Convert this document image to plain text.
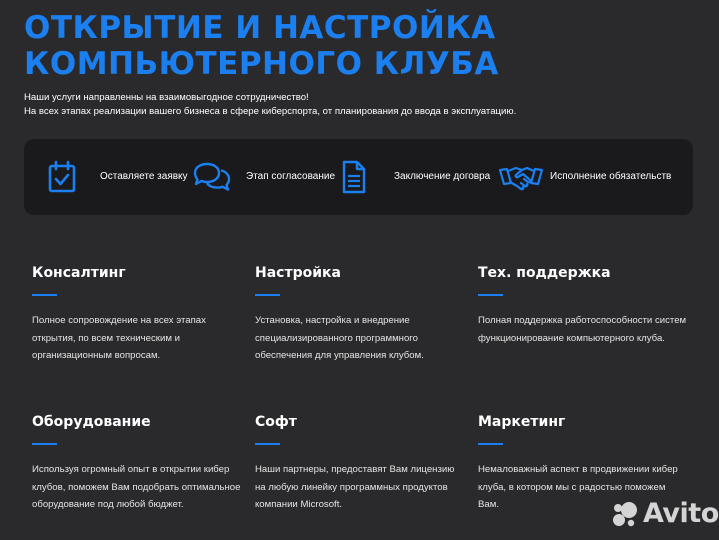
ОТКРЫТИЕ И НАСТРОЙКА
КОМПЬЮТЕРНОГО КЛУБА
Наши услуги направленны на взаимовыгодное сотрудничество!
На всех этапах реализации вашего бизнеса в сфере киберспорта, от планирования до ввода в эксплуатацию.
Оставляете заявку	Этап согласование	Заключение договра	Исполнение обязательств
Консалтинг
Полное сопровождение на всех этапах открытия, по всем техническим и организационным вопросам.
Настройка
Установка, настройка и внедрение специализированного программного обеспечения для управления клубом.
Тех. поддержка
Полная поддержка работоспособности систем функционирование компьютерного клуба.
Оборудование
Используя огромный опыт в открытии кибер клубов, поможем Вам подобрать оптимальное оборудование под любой бюджет.
Софт
Наши партнеры, предоставят Вам лицензию на любую линейку программных продуктов компании Microsoft.
Маркетинг
Немаловажный аспект в продвижении кибер клуба, в котором мы с радостью поможем Вам.	Avito
